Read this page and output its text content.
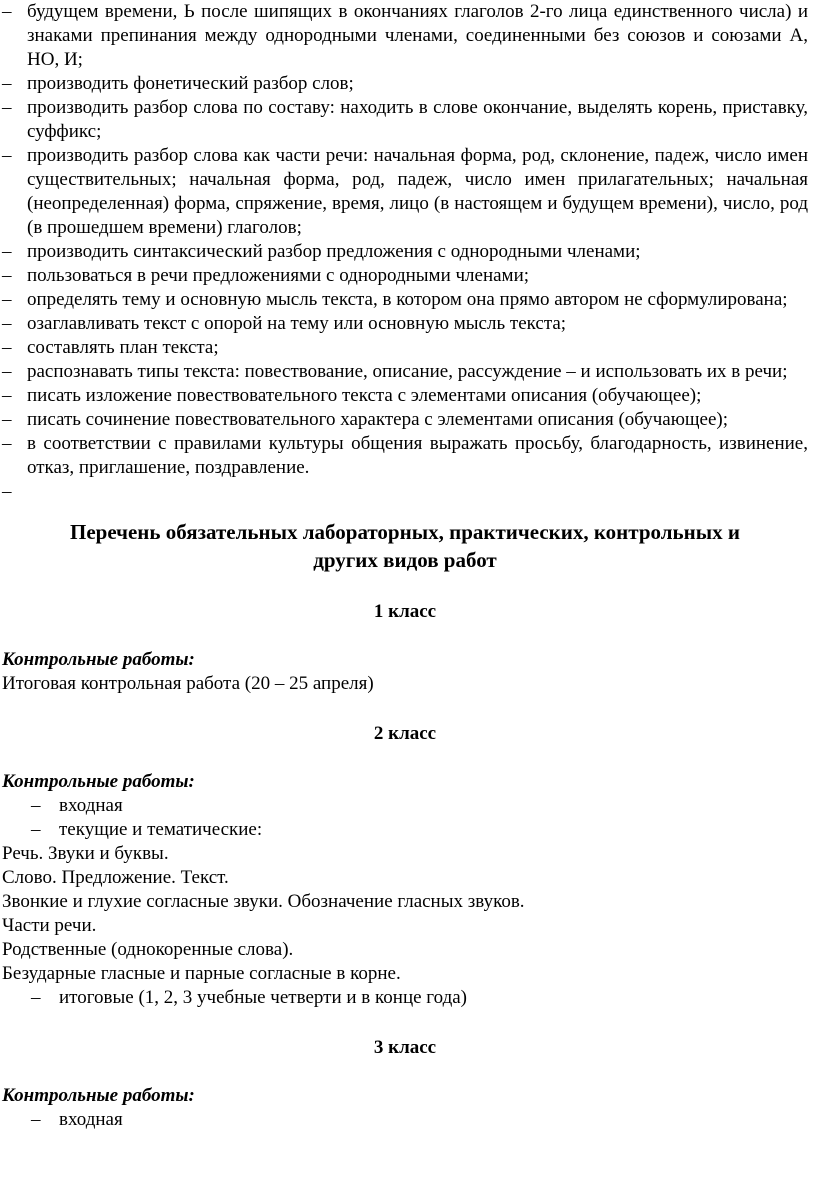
– будущем времени, Ь после шипящих в окончаниях глаголов 2-го лица единственного числа) и знаками препинания между однородными членами, соединенными без союзов и союзами А, НО, И;
– производить фонетический разбор слов;
– производить разбор слова по составу: находить в слове окончание, выделять корень, приставку, суффикс;
– производить разбор слова как части речи: начальная форма, род, склонение, падеж, число имен существительных; начальная форма, род, падеж, число имен прилагательных; начальная (неопределенная) форма, спряжение, время, лицо (в настоящем и будущем времени), число, род (в прошедшем времени) глаголов;
– производить синтаксический разбор предложения с однородными членами;
– пользоваться в речи предложениями с однородными членами;
– определять тему и основную мысль текста, в котором она прямо автором не сформулирована;
– озаглавливать текст с опорой на тему или основную мысль текста;
– составлять план текста;
– распознавать типы текста: повествование, описание, рассуждение – и использовать их в речи;
– писать изложение повествовательного текста с элементами описания (обучающее);
– писать сочинение повествовательного характера с элементами описания (обучающее);
– в соответствии с правилами культуры общения выражать просьбу, благодарность, извинение, отказ, приглашение, поздравление.
–
Перечень обязательных лабораторных, практических, контрольных и
других видов работ
1 класс

Контрольные работы:

Итоговая контрольная работа (20 – 25 апреля)

2 класс

Контрольные работы:

– входная
– текущие и тематические:

Речь. Звуки и буквы.

Слово. Предложение. Текст.

Звонкие и глухие согласные звуки. Обозначение гласных звуков.

Части речи.

Родственные (однокоренные слова).

Безударные гласные и парные согласные в корне.

– итоговые (1, 2, 3 учебные четверти и в конце года)
3 класс

Контрольные работы:

– входная
